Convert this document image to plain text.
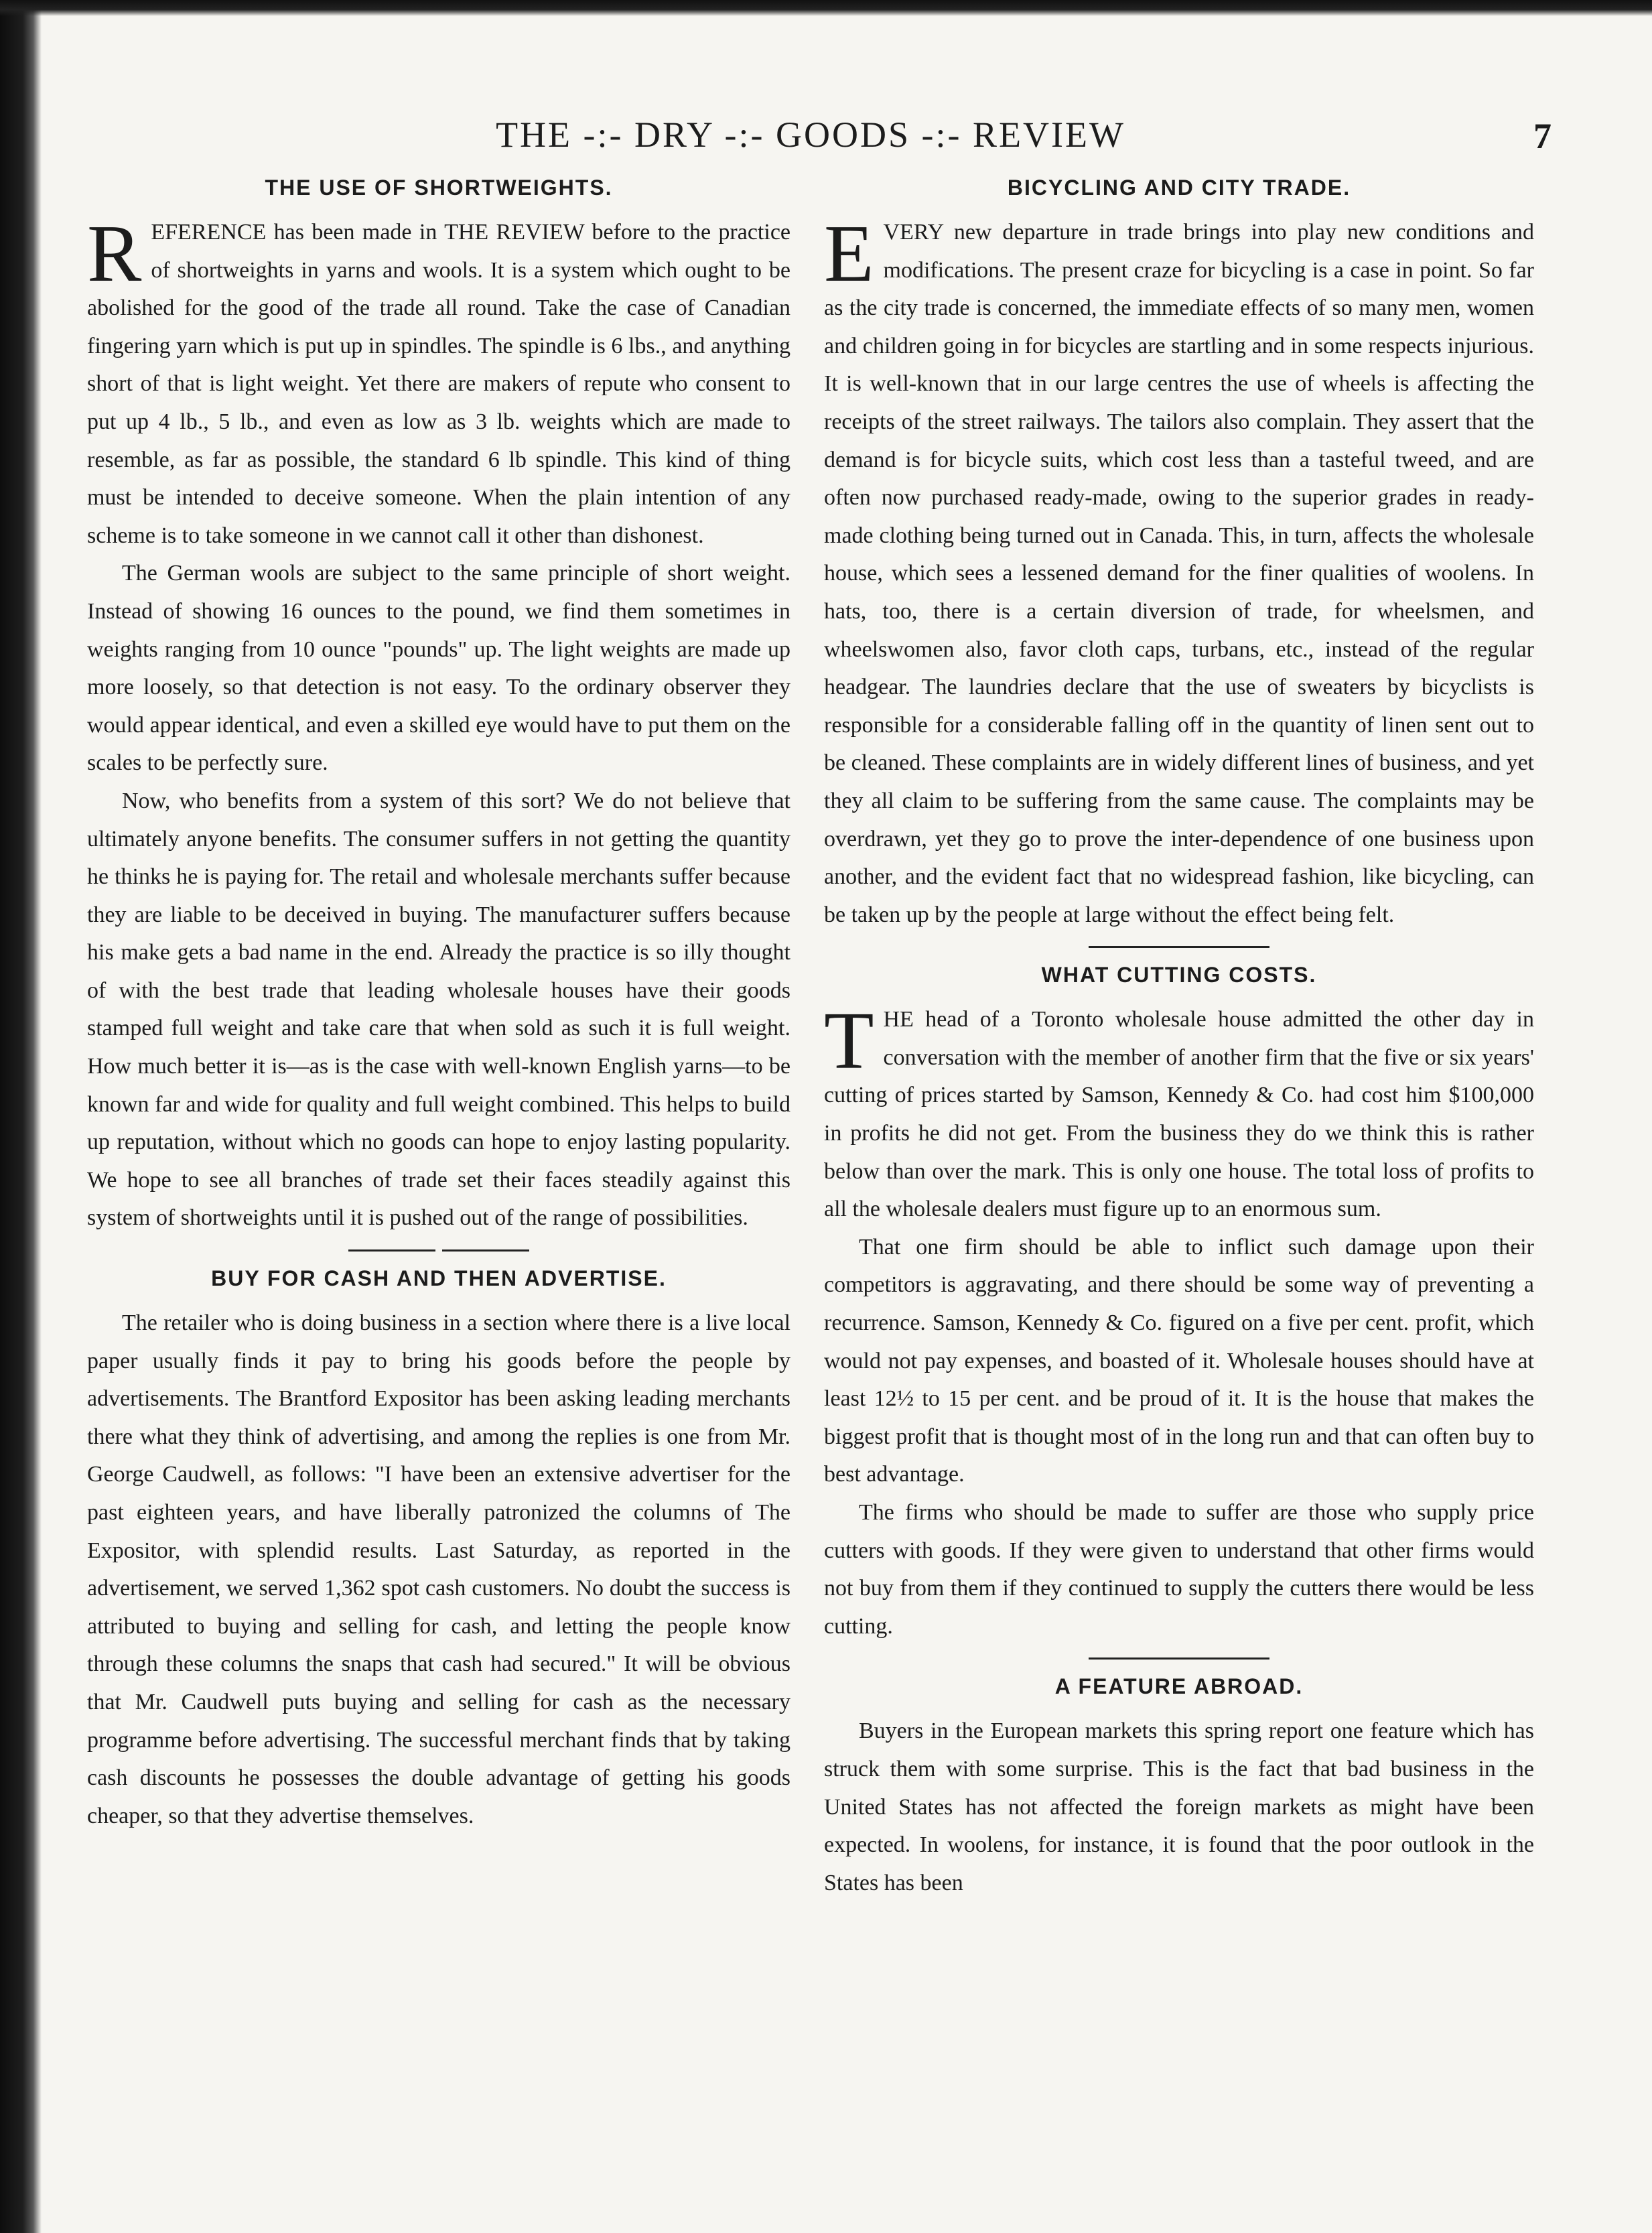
THE -:- DRY -:- GOODS -:- REVIEW	7
THE USE OF SHORTWEIGHTS.

REFERENCE has been made in THE REVIEW before to the practice of shortweights in yarns and wools. It is a system which ought to be abolished for the good of the trade all round. Take the case of Canadian fingering yarn which is put up in spindles. The spindle is 6 lbs., and anything short of that is light weight. Yet there are makers of repute who consent to put up 4 lb., 5 lb., and even as low as 3 lb. weights which are made to resemble, as far as possible, the standard 6 lb spindle. This kind of thing must be intended to deceive someone. When the plain intention of any scheme is to take someone in we cannot call it other than dishonest.

The German wools are subject to the same principle of short weight. Instead of showing 16 ounces to the pound, we find them sometimes in weights ranging from 10 ounce "pounds" up. The light weights are made up more loosely, so that detection is not easy. To the ordinary observer they would appear identical, and even a skilled eye would have to put them on the scales to be perfectly sure.

Now, who benefits from a system of this sort? We do not believe that ultimately anyone benefits. The consumer suffers in not getting the quantity he thinks he is paying for. The retail and wholesale merchants suffer because they are liable to be deceived in buying. The manufacturer suffers because his make gets a bad name in the end. Already the practice is so illy thought of with the best trade that leading wholesale houses have their goods stamped full weight and take care that when sold as such it is full weight. How much better it is—as is the case with well-known English yarns—to be known far and wide for quality and full weight combined. This helps to build up reputation, without which no goods can hope to enjoy lasting popularity. We hope to see all branches of trade set their faces steadily against this system of shortweights until it is pushed out of the range of possibilities.

BUY FOR CASH AND THEN ADVERTISE.

The retailer who is doing business in a section where there is a live local paper usually finds it pay to bring his goods before the people by advertisements. The Brantford Expositor has been asking leading merchants there what they think of advertising, and among the replies is one from Mr. George Caudwell, as follows: "I have been an extensive advertiser for the past eighteen years, and have liberally patronized the columns of The Expositor, with splendid results. Last Saturday, as reported in the advertisement, we served 1,362 spot cash customers. No doubt the success is attributed to buying and selling for cash, and letting the people know through these columns the snaps that cash had secured." It will be obvious that Mr. Caudwell puts buying and selling for cash as the necessary programme before advertising. The successful merchant finds that by taking cash discounts he possesses the double advantage of getting his goods cheaper, so that they advertise themselves.

BICYCLING AND CITY TRADE.

EVERY new departure in trade brings into play new conditions and modifications. The present craze for bicycling is a case in point. So far as the city trade is concerned, the immediate effects of so many men, women and children going in for bicycles are startling and in some respects injurious. It is well-known that in our large centres the use of wheels is affecting the receipts of the street railways. The tailors also complain. They assert that the demand is for bicycle suits, which cost less than a tasteful tweed, and are often now purchased ready-made, owing to the superior grades in ready-made clothing being turned out in Canada. This, in turn, affects the wholesale house, which sees a lessened demand for the finer qualities of woolens. In hats, too, there is a certain diversion of trade, for wheelsmen, and wheelswomen also, favor cloth caps, turbans, etc., instead of the regular headgear. The laundries declare that the use of sweaters by bicyclists is responsible for a considerable falling off in the quantity of linen sent out to be cleaned. These complaints are in widely different lines of business, and yet they all claim to be suffering from the same cause. The complaints may be overdrawn, yet they go to prove the inter-dependence of one business upon another, and the evident fact that no widespread fashion, like bicycling, can be taken up by the people at large without the effect being felt.

WHAT CUTTING COSTS.

THE head of a Toronto wholesale house admitted the other day in conversation with the member of another firm that the five or six years' cutting of prices started by Samson, Kennedy & Co. had cost him $100,000 in profits he did not get. From the business they do we think this is rather below than over the mark. This is only one house. The total loss of profits to all the wholesale dealers must figure up to an enormous sum.

That one firm should be able to inflict such damage upon their competitors is aggravating, and there should be some way of preventing a recurrence. Samson, Kennedy & Co. figured on a five per cent. profit, which would not pay expenses, and boasted of it. Wholesale houses should have at least 12½ to 15 per cent. and be proud of it. It is the house that makes the biggest profit that is thought most of in the long run and that can often buy to best advantage.

The firms who should be made to suffer are those who supply price cutters with goods. If they were given to understand that other firms would not buy from them if they continued to supply the cutters there would be less cutting.

A FEATURE ABROAD.

Buyers in the European markets this spring report one feature which has struck them with some surprise. This is the fact that bad business in the United States has not affected the foreign markets as might have been expected. In woolens, for instance, it is found that the poor outlook in the States has been
